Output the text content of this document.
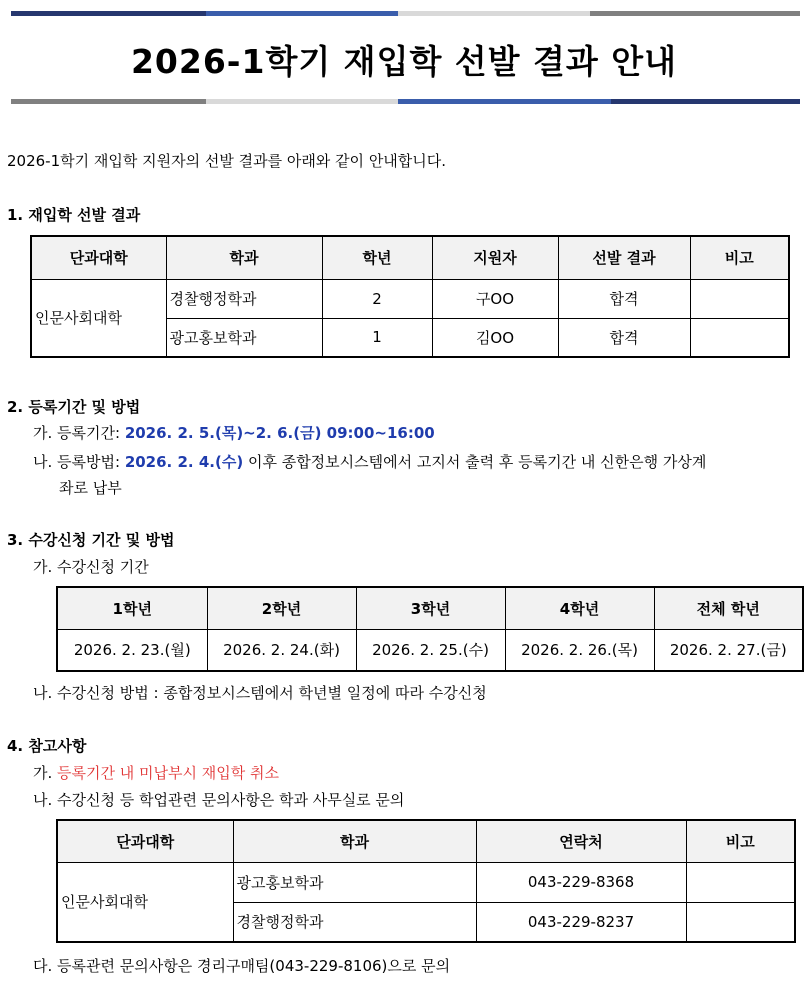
2026-1학기 재입학 선발 결과 안내
2026-1학기 재입학 지원자의 선발 결과를 아래와 같이 안내합니다.
1. 재입학 선발 결과
단과대학	학과	학년	지원자	선발 결과	비고
인문사회대학	경찰행정학과	2	구OO	합격	
	광고홍보학과	1	김OO	합격	
2. 등록기간 및 방법
가. 등록기간: 2026. 2. 5.(목)~2. 6.(금) 09:00~16:00
나. 등록방법: 2026. 2. 4.(수) 이후 종합정보시스템에서 고지서 출력 후 등록기간 내 신한은행 가상계
좌로 납부
3. 수강신청 기간 및 방법
가. 수강신청 기간
1학년	2학년	3학년	4학년	전체 학년
2026. 2. 23.(월)	2026. 2. 24.(화)	2026. 2. 25.(수)	2026. 2. 26.(목)	2026. 2. 27.(금)
나. 수강신청 방법 : 종합정보시스템에서 학년별 일정에 따라 수강신청
4. 참고사항
가. 등록기간 내 미납부시 재입학 취소
나. 수강신청 등 학업관련 문의사항은 학과 사무실로 문의
단과대학	학과	연락처	비고
인문사회대학	광고홍보학과	043-229-8368	
	경찰행정학과	043-229-8237	
다. 등록관련 문의사항은 경리구매팀(043-229-8106)으로 문의
